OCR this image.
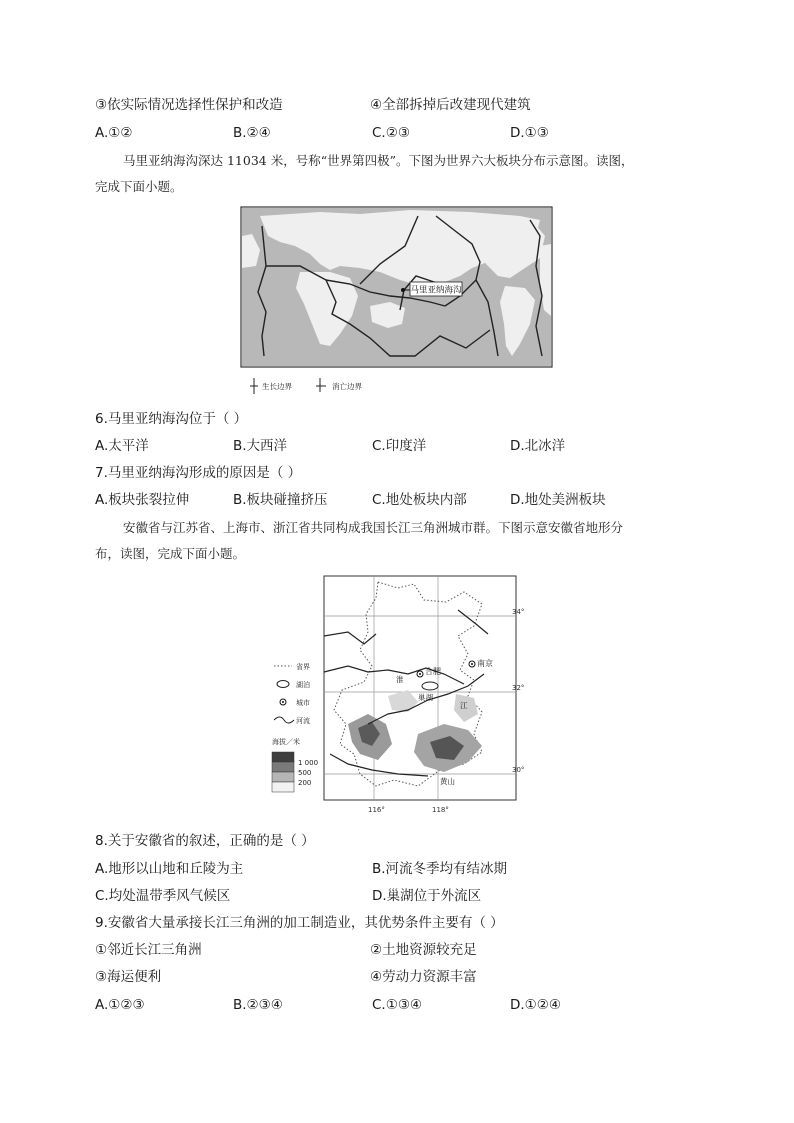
③依实际情况选择性保护和改造	④全部拆掉后改建现代建筑
A.①②	B.②④	C.②③	D.①③
马里亚纳海沟深达 11034 米，号称“世界第四极”。下图为世界六大板块分布示意图。读图，
完成下面小题。
马里亚纳海沟
生长边界	消亡边界
6.马里亚纳海沟位于（ ）
A.太平洋	B.大西洋	C.印度洋	D.北冰洋
7.马里亚纳海沟形成的原因是（ ）
A.板块张裂拉伸	B.板块碰撞挤压	C.地处板块内部	D.地处美洲板块
安徽省与江苏省、上海市、浙江省共同构成我国长江三角洲城市群。下图示意安徽省地形分
布，读图，完成下面小题。
合肥
南京
巢湖
淮
江
黄山
34°
32°
30°
116°	118°
省界
湖泊
城市
河流
海拔／米
1 000
500
200
8.关于安徽省的叙述，正确的是（ ）
A.地形以山地和丘陵为主	B.河流冬季均有结冰期
C.均处温带季风气候区	D.巢湖位于外流区
9.安徽省大量承接长江三角洲的加工制造业，其优势条件主要有（ ）
①邻近长江三角洲	②土地资源较充足
③海运便利	④劳动力资源丰富
A.①②③	B.②③④	C.①③④	D.①②④
